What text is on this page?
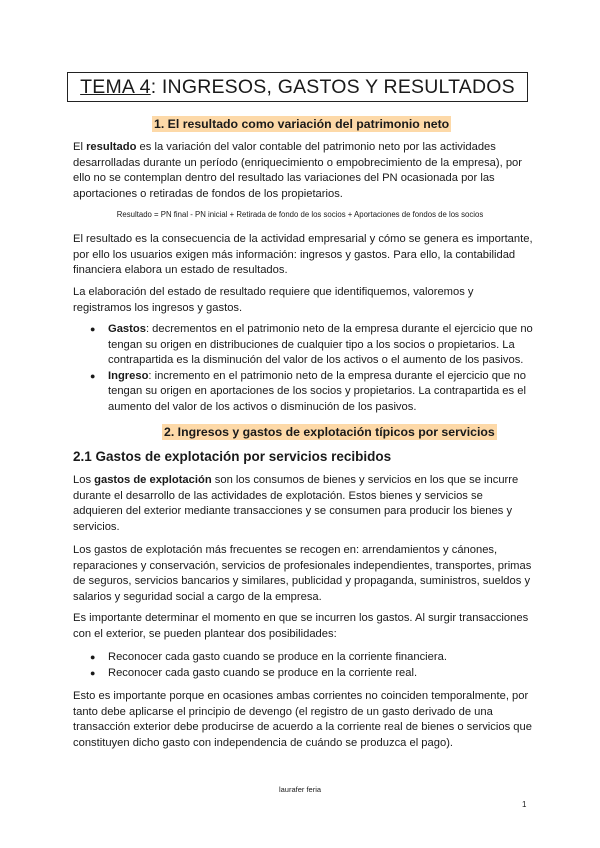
TEMA 4: INGRESOS, GASTOS Y RESULTADOS
1. El resultado como variación del patrimonio neto

El resultado es la variación del valor contable del patrimonio neto por las actividades desarrolladas durante un período (enriquecimiento o empobrecimiento de la empresa), por ello no se contemplan dentro del resultado las variaciones del PN ocasionada por las aportaciones o retiradas de fondos de los propietarios.

Resultado = PN final - PN inicial + Retirada de fondo de los socios + Aportaciones de fondos de los socios

El resultado es la consecuencia de la actividad empresarial y cómo se genera es importante, por ello los usuarios exigen más información: ingresos y gastos. Para ello, la contabilidad financiera elabora un estado de resultados.

La elaboración del estado de resultado requiere que identifiquemos, valoremos y registramos los ingresos y gastos.

● Gastos: decrementos en el patrimonio neto de la empresa durante el ejercicio que no tengan su origen en distribuciones de cualquier tipo a los socios o propietarios. La contrapartida es la disminución del valor de los activos o el aumento de los pasivos.
● Ingreso: incremento en el patrimonio neto de la empresa durante el ejercicio que no tengan su origen en aportaciones de los socios y propietarios. La contrapartida es el aumento del valor de los activos o disminución de los pasivos.
2. Ingresos y gastos de explotación típicos por servicios
2.1 Gastos de explotación por servicios recibidos

Los gastos de explotación son los consumos de bienes y servicios en los que se incurre durante el desarrollo de las actividades de explotación. Estos bienes y servicios se adquieren del exterior mediante transacciones y se consumen para producir los bienes y servicios.

Los gastos de explotación más frecuentes se recogen en: arrendamientos y cánones, reparaciones y conservación, servicios de profesionales independientes, transportes, primas de seguros, servicios bancarios y similares, publicidad y propaganda, suministros, sueldos y salarios y seguridad social a cargo de la empresa.

Es importante determinar el momento en que se incurren los gastos. Al surgir transacciones con el exterior, se pueden plantear dos posibilidades:

● Reconocer cada gasto cuando se produce en la corriente financiera.
● Reconocer cada gasto cuando se produce en la corriente real.

Esto es importante porque en ocasiones ambas corrientes no coinciden temporalmente, por tanto debe aplicarse el principio de devengo (el registro de un gasto derivado de una transacción exterior debe producirse de acuerdo a la corriente real de bienes o servicios que constituyen dicho gasto con independencia de cuándo se produzca el pago).

laurafer feria
1
